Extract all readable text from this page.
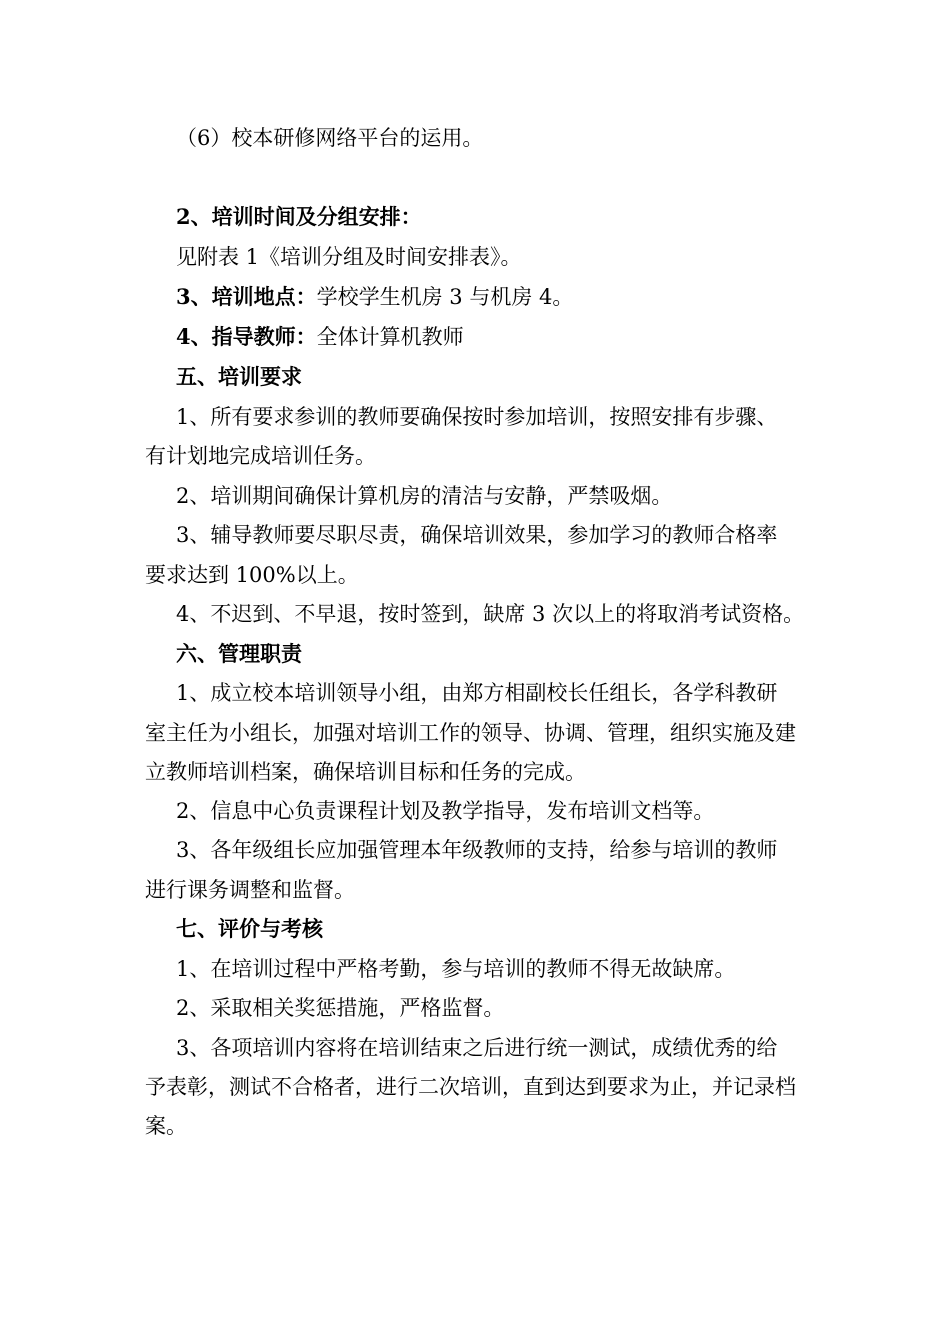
（6）校本研修网络平台的运用。
2、培训时间及分组安排：
见附表 1《培训分组及时间安排表》。
3、培训地点：学校学生机房 3 与机房 4。
4、指导教师：全体计算机教师
五、培训要求
1、所有要求参训的教师要确保按时参加培训，按照安排有步骤、
有计划地完成培训任务。
2、培训期间确保计算机房的清洁与安静，严禁吸烟。
3、辅导教师要尽职尽责，确保培训效果，参加学习的教师合格率
要求达到 100%以上。
4、不迟到、不早退，按时签到，缺席 3 次以上的将取消考试资格。
六、管理职责
1、成立校本培训领导小组，由郑方相副校长任组长，各学科教研
室主任为小组长，加强对培训工作的领导、协调、管理，组织实施及建
立教师培训档案，确保培训目标和任务的完成。
2、信息中心负责课程计划及教学指导，发布培训文档等。
3、各年级组长应加强管理本年级教师的支持，给参与培训的教师
进行课务调整和监督。
七、评价与考核
1、在培训过程中严格考勤，参与培训的教师不得无故缺席。
2、采取相关奖惩措施，严格监督。
3、各项培训内容将在培训结束之后进行统一测试，成绩优秀的给
予表彰，测试不合格者，进行二次培训，直到达到要求为止，并记录档
案。
